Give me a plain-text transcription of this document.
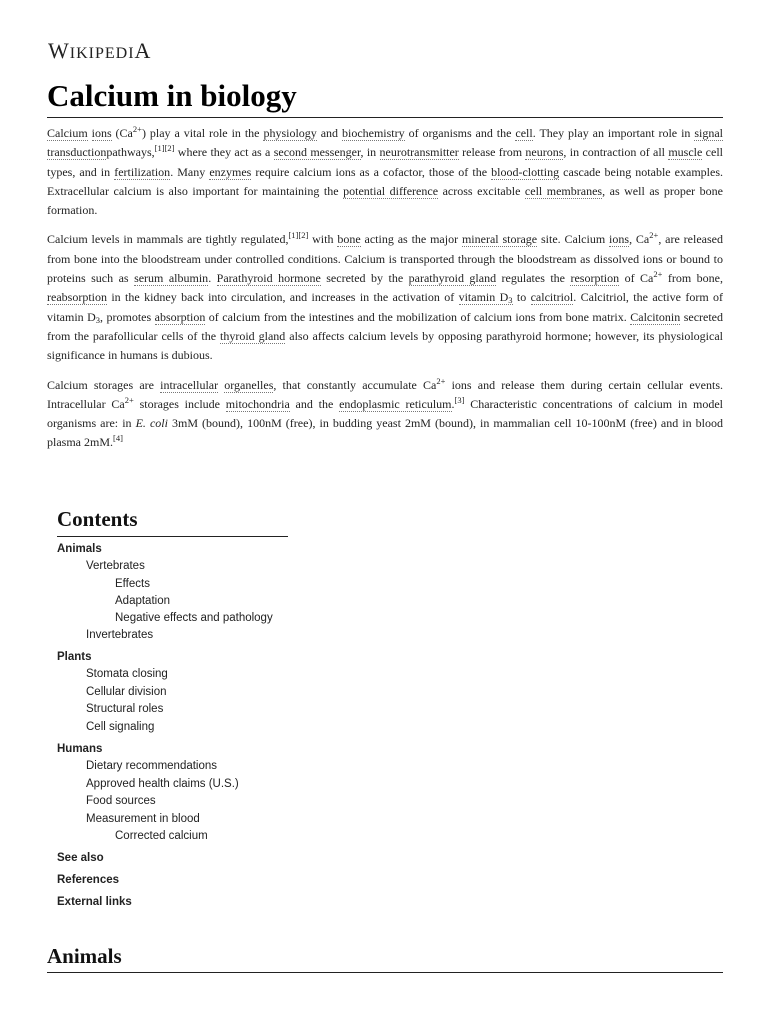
WIKIPEDIA
Calcium in biology

Calcium ions $(Ca^{2+})$ play a vital role in the physiology and biochemistry of organisms and the cell. They play an important role in signal transductionpathways,[1][2] where they act as a second messenger, in neurotransmitter release from neurons, in contraction of all muscle cell types, and in fertilization. Many enzymes require calcium ions as a cofactor, those of the blood-clotting cascade being notable examples. Extracellular calcium is also important for maintaining the potential difference across excitable cell membranes, as well as proper bone formation.

Calcium levels in mammals are tightly regulated,[1][2] with bone acting as the major mineral storage site. Calcium ions, $Ca^{2+}$, are released from bone into the bloodstream under controlled conditions. Calcium is transported through the bloodstream as dissolved ions or bound to proteins such as serum albumin. Parathyroid hormone secreted by the parathyroid gland regulates the resorption of $Ca^{2+}$ from bone, reabsorption in the kidney back into circulation, and increases in the activation of vitamin $D_3$ to calcitriol. Calcitriol, the active form of vitamin $D_3$, promotes absorption of calcium from the intestines and the mobilization of calcium ions from bone matrix. Calcitonin secreted from the parafollicular cells of the thyroid gland also affects calcium levels by opposing parathyroid hormone; however, its physiological significance in humans is dubious.

Calcium storages are intracellular organelles, that constantly accumulate $Ca^{2+}$ ions and release them during certain cellular events. Intracellular $Ca^{2+}$ storages include mitochondria and the endoplasmic reticulum.[3] Characteristic concentrations of calcium in model organisms are: in E. coli 3mM (bound), 100nM (free), in budding yeast 2mM (bound), in mammalian cell 10-100nM (free) and in blood plasma 2mM.[4]

Contents
Animals
Vertebrates
Effects
Adaptation
Negative effects and pathology
Invertebrates
Plants
Stomata closing
Cellular division
Structural roles
Cell signaling
Humans
Dietary recommendations
Approved health claims (U.S.)
Food sources
Measurement in blood
Corrected calcium
See also
References
External links
Animals
